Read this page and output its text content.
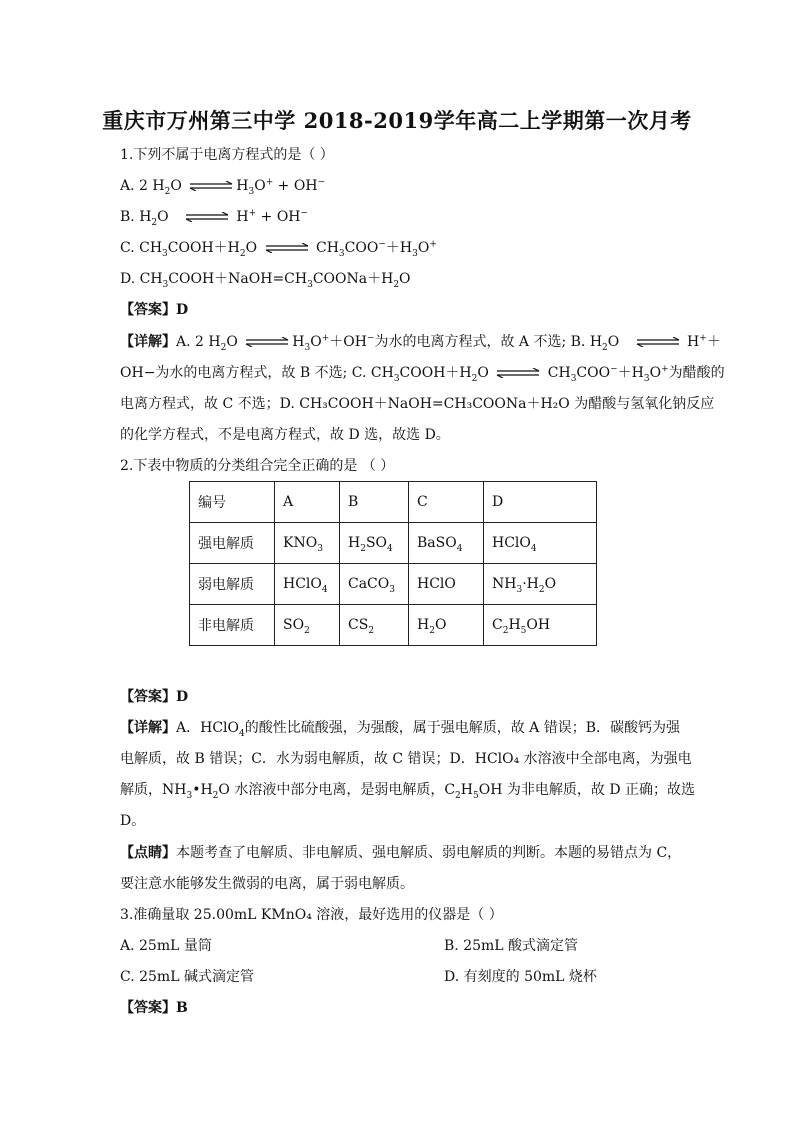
重庆市万州第三中学 2018-2019学年高二上学期第一次月考
1.下列不属于电离方程式的是（ ）
A. 2 $H_2O$ ⇌ $H_3O^+ + OH^-$
B. $H_2O$ ⇌ H+ + OH−
C. $CH_3COOH+H_2O$ ⇌ $CH_3COO^-+H_3O^+$
D. $CH_3COOH+NaOH=CH_3COONa+H_2O$
【答案】D
【详解】A. 2 $H_2O$ ⇌ $H_3O^++OH^-$为水的电离方程式，故 A 不选; B. $H_2O$ ⇌ H+＋
OH−为水的电离方程式，故 B 不选; C. $CH_3COOH+H_2O$ ⇌ $CH_3COO^-+H_3O^+$为醋酸的
电离方程式，故 C 不选；D. CH₃COOH＋NaOH=CH₃COONa＋H₂O 为醋酸与氢氧化钠反应
的化学方程式，不是电离方程式，故 D 选，故选 D。
2.下表中物质的分类组合完全正确的是 （ ）
编号	A	B	C	D
强电解质	$KNO_3$	$H_2SO_4$	BaSO$_4$	HClO$_4$
弱电解质	HClO$_4$	CaCO$_3$	HClO	$NH_3\cdot H_2O$
非电解质	$SO_2$	$CS_2$	$H_2O$	$C_2H_5OH$
【答案】D
【详解】A．HClO$_4$的酸性比硫酸强，为强酸，属于强电解质，故 A 错误；B．碳酸钙为强
电解质，故 B 错误；C．水为弱电解质，故 C 错误；D．HClO₄ 水溶液中全部电离，为强电
解质，$NH_3•H_2O$ 水溶液中部分电离，是弱电解质，$C_2H_5OH$ 为非电解质，故 D 正确；故选
D。
【点睛】本题考查了电解质、非电解质、强电解质、弱电解质的判断。本题的易错点为 C，
要注意水能够发生微弱的电离，属于弱电解质。
3.准确量取 25.00mL KMnO₄ 溶液，最好选用的仪器是（ ）
A. 25mL 量筒	B. 25mL 酸式滴定管
C. 25mL 碱式滴定管	D. 有刻度的 50mL 烧杯
【答案】B
